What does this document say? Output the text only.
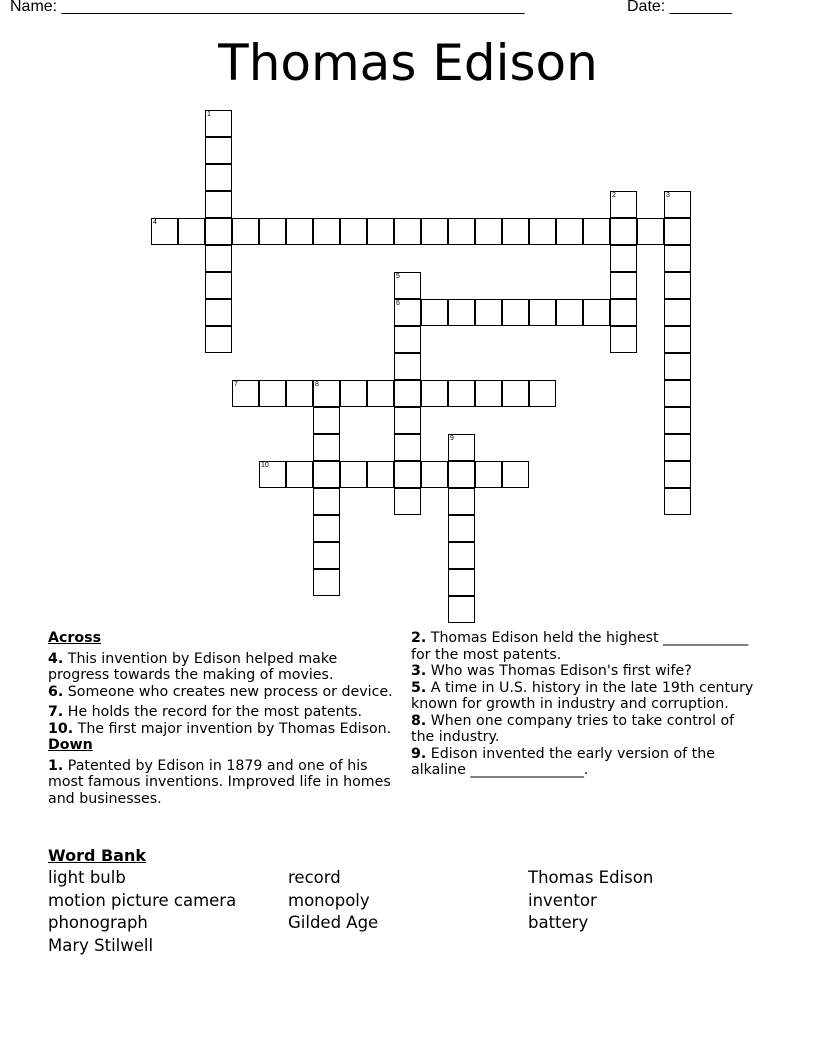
Name: ____________________________________________________	Date: _______
Thomas Edison
1
2	3
4
5
6
7	8
9
10

Across

4. This invention by Edison helped make progress towards the making of movies.

6. Someone who creates new process or device.

7. He holds the record for the most patents.

10. The first major invention by Thomas Edison.

Down

1. Patented by Edison in 1879 and one of his most famous inventions. Improved life in homes and businesses.

2. Thomas Edison held the highest ____________ for the most patents.

3. Who was Thomas Edison's first wife?

5. A time in U.S. history in the late 19th century known for growth in industry and corruption.

8. When one company tries to take control of the industry.

9. Edison invented the early version of the alkaline ________________.

Word Bank
light bulb	record	Thomas Edison
motion picture camera	monopoly	inventor
phonograph	Gilded Age	battery
Mary Stilwell
